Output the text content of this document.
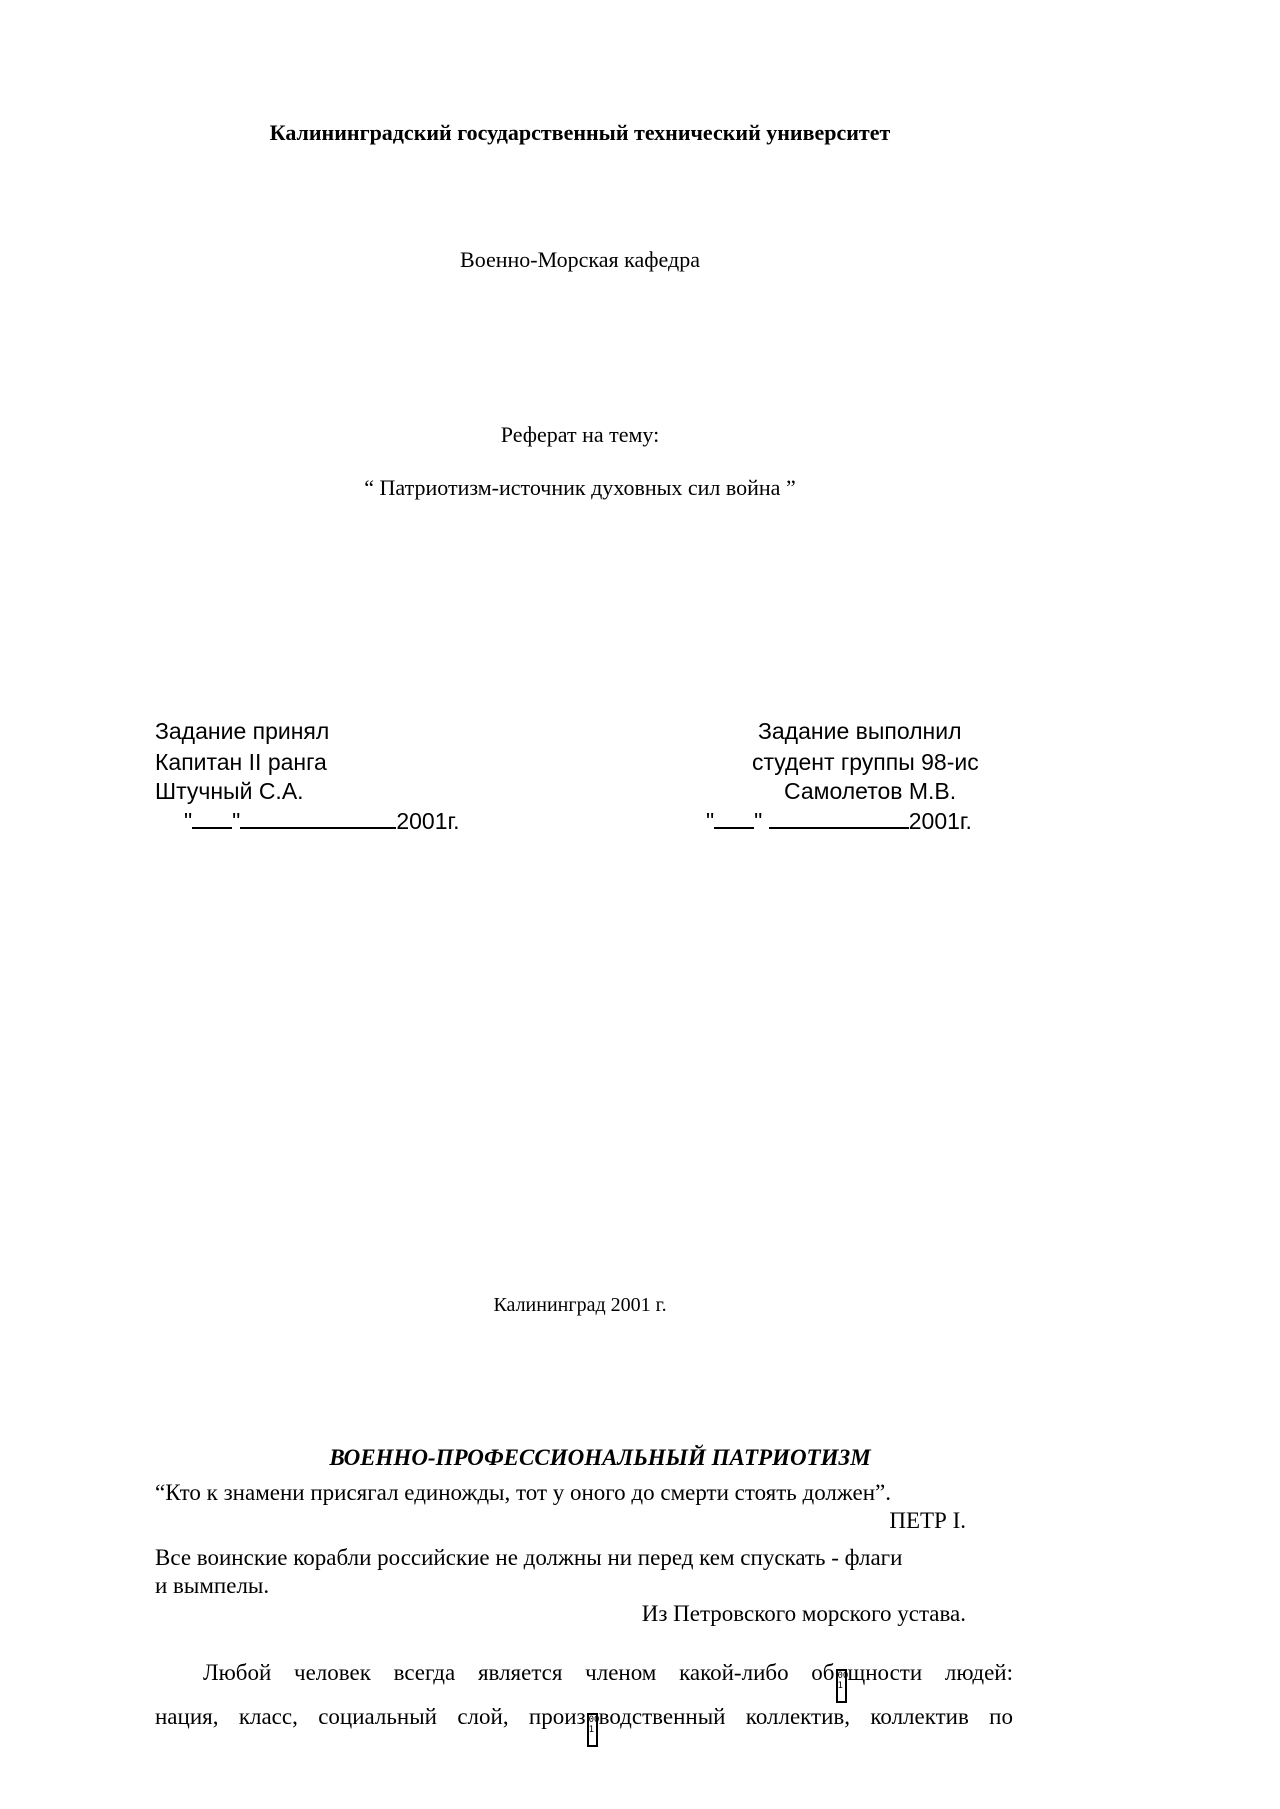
Калининградский государственный технический университет
Военно-Морская кафедра
Реферат на тему:
“ Патриотизм-источник духовных сил война ”
Задание принял
Капитан II ранга
Штучный С.А.
" "	2001г.
Задание выполнил
студент группы 98-ис
Самолетов М.В.
" "	2001г.
Калининград 2001 г.
ВОЕННО-ПРОФЕССИОНАЛЬНЫЙ ПАТРИОТИЗМ
“Кто к знамени присягал единожды, тот у оного до смерти стоять должен”.
ПЕТР I.
Все воинские корабли российские не должны ни перед кем спускать - флаги
и вымпелы.
Из Петровского морского устава.
Любой человек всегда является членом какой-либо об 00
1щности людей:
нация, класс, социальный слой, произ 00
1водственный коллектив, коллектив по
